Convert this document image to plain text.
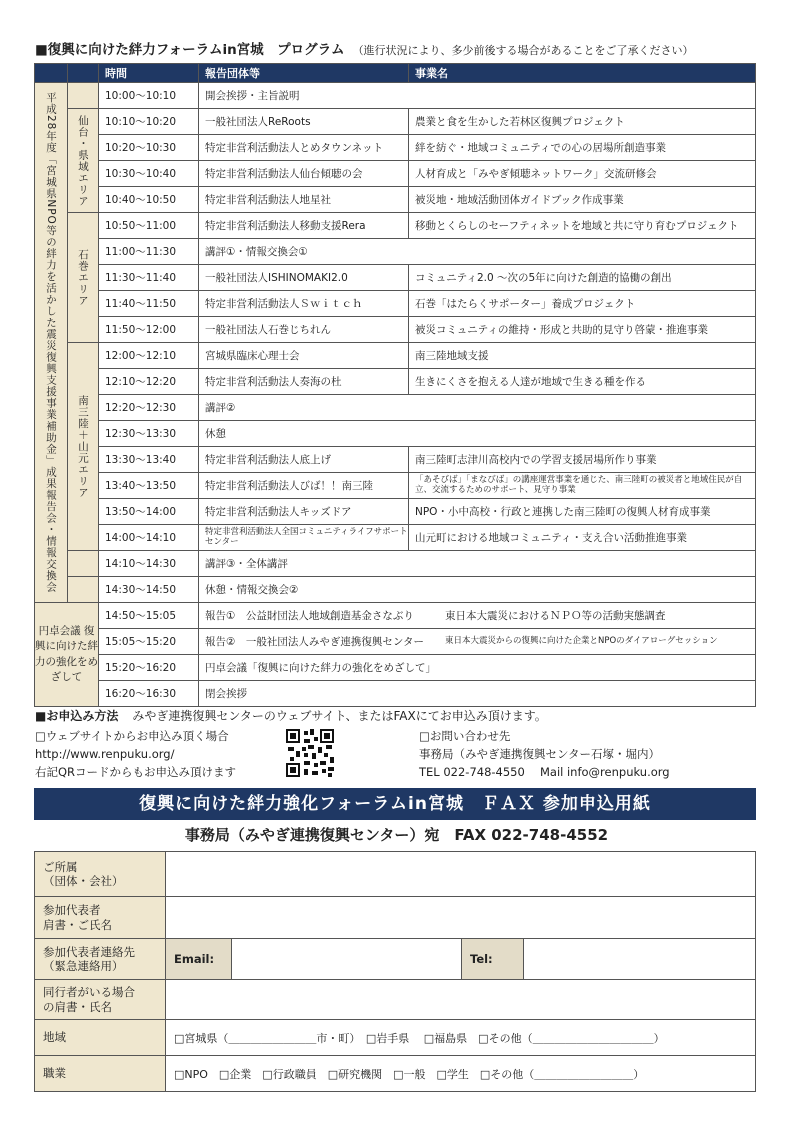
■復興に向けた絆力フォーラムin宮城　プログラム （進行状況により、多少前後する場合があることをご了承ください）
		時間	報告団体等	事業名

平成28年度「宮城県NPO等の絆力を活かした震災復興支援事業補助金」成果報告会・情報交換会		10:00〜10:10	開会挨拶・主旨説明	

	仙台・県域エリア	10:10〜10:20	一般社団法人ReRoots	農業と食を生かした若林区復興プロジェクト
		10:20〜10:30	特定非営利活動法人とめタウンネット	絆を紡ぐ・地域コミュニティでの心の居場所創造事業
		10:30〜10:40	特定非営利活動法人仙台傾聴の会	人材育成と「みやぎ傾聴ネットワーク」交流研修会
		10:40〜10:50	特定非営利活動法人地星社	被災地・地域活動団体ガイドブック作成事業

	石巻エリア	10:50〜11:00	特定非営利活動法人移動支援Rera	移動とくらしのセーフティネットを地域と共に守り育むプロジェクト
		11:00〜11:30	講評①・情報交換会①	
		11:30〜11:40	一般社団法人ISHINOMAKI2.0	コミュニティ2.0 〜次の5年に向けた創造的協働の創出
		11:40〜11:50	特定非営利活動法人Ｓｗｉｔｃｈ	石巻「はたらくサポーター」養成プロジェクト
		11:50〜12:00	一般社団法人石巻じちれん	被災コミュニティの維持・形成と共助的見守り啓蒙・推進事業

	南三陸＋山元エリア	12:00〜12:10	宮城県臨床心理士会	南三陸地域支援
		12:10〜12:20	特定非営利活動法人奏海の杜	生きにくさを抱える人達が地域で生きる種を作る
		12:20〜12:30	講評②	
		12:30〜13:30	休憩	
		13:30〜13:40	特定非営利活動法人底上げ	南三陸町志津川高校内での学習支援居場所作り事業
		13:40〜13:50	特定非営利活動法人びば！！南三陸	「あそびば」「まなびば」の講座運営事業を通じた、南三陸町の被災者と地域住民が自立、交流するためのサポート、見守り事業
		13:50〜14:00	特定非営利活動法人キッズドア	NPO・小中高校・行政と連携した南三陸町の復興人材育成事業
		14:00〜14:10	特定非営利活動法人全国コミュニティライフサポートセンター	山元町における地域コミュニティ・支え合い活動推進事業
		14:10〜14:30	講評③・全体講評	
		14:30〜14:50	休憩・情報交換会②	
円卓会議 復興に向けた絆力の強化をめざして		14:50〜15:05	報告①　公益財団法人地域創造基金さなぶり 東日本大震災におけるＮＰＯ等の活動実態調査	

		15:05〜15:20	報告②　一般社団法人みやぎ連携復興センター 東日本大震災からの復興に向けた企業とNPOのダイアローグセッション	

		15:20〜16:20	円卓会議「復興に向けた絆力の強化をめざして」	
		16:20〜16:30	閉会挨拶	
■お申込み方法 みやぎ連携復興センターのウェブサイト、またはFAXにてお申込み頂けます。
□ウェブサイトからお申込み頂く場合
http://www.renpuku.org/
右記QRコードからもお申込み頂けます
□お問い合わせ先
事務局（みやぎ連携復興センター石塚・堀内）
TEL 022-748-4550　 Mail info@renpuku.org
復興に向けた絆力強化フォーラムin宮城　ＦＡＸ 参加申込用紙
事務局（みやぎ連携復興センター）宛　FAX 022-748-4552
ご所属
（団体・会社）				
参加代表者
肩書・ご氏名				
参加代表者連絡先
（緊急連絡用）	Email:		Tel:	
同行者がいる場合
の肩書・氏名				
地域	□宮城県（＿＿＿＿＿＿＿＿市・町）　□岩手県　 □福島県　□その他（＿＿＿＿＿＿＿＿＿＿＿）			
職業	□NPO　□企業　□行政職員　□研究機関　□一般　□学生　□その他（＿＿＿＿＿＿＿＿＿）			
